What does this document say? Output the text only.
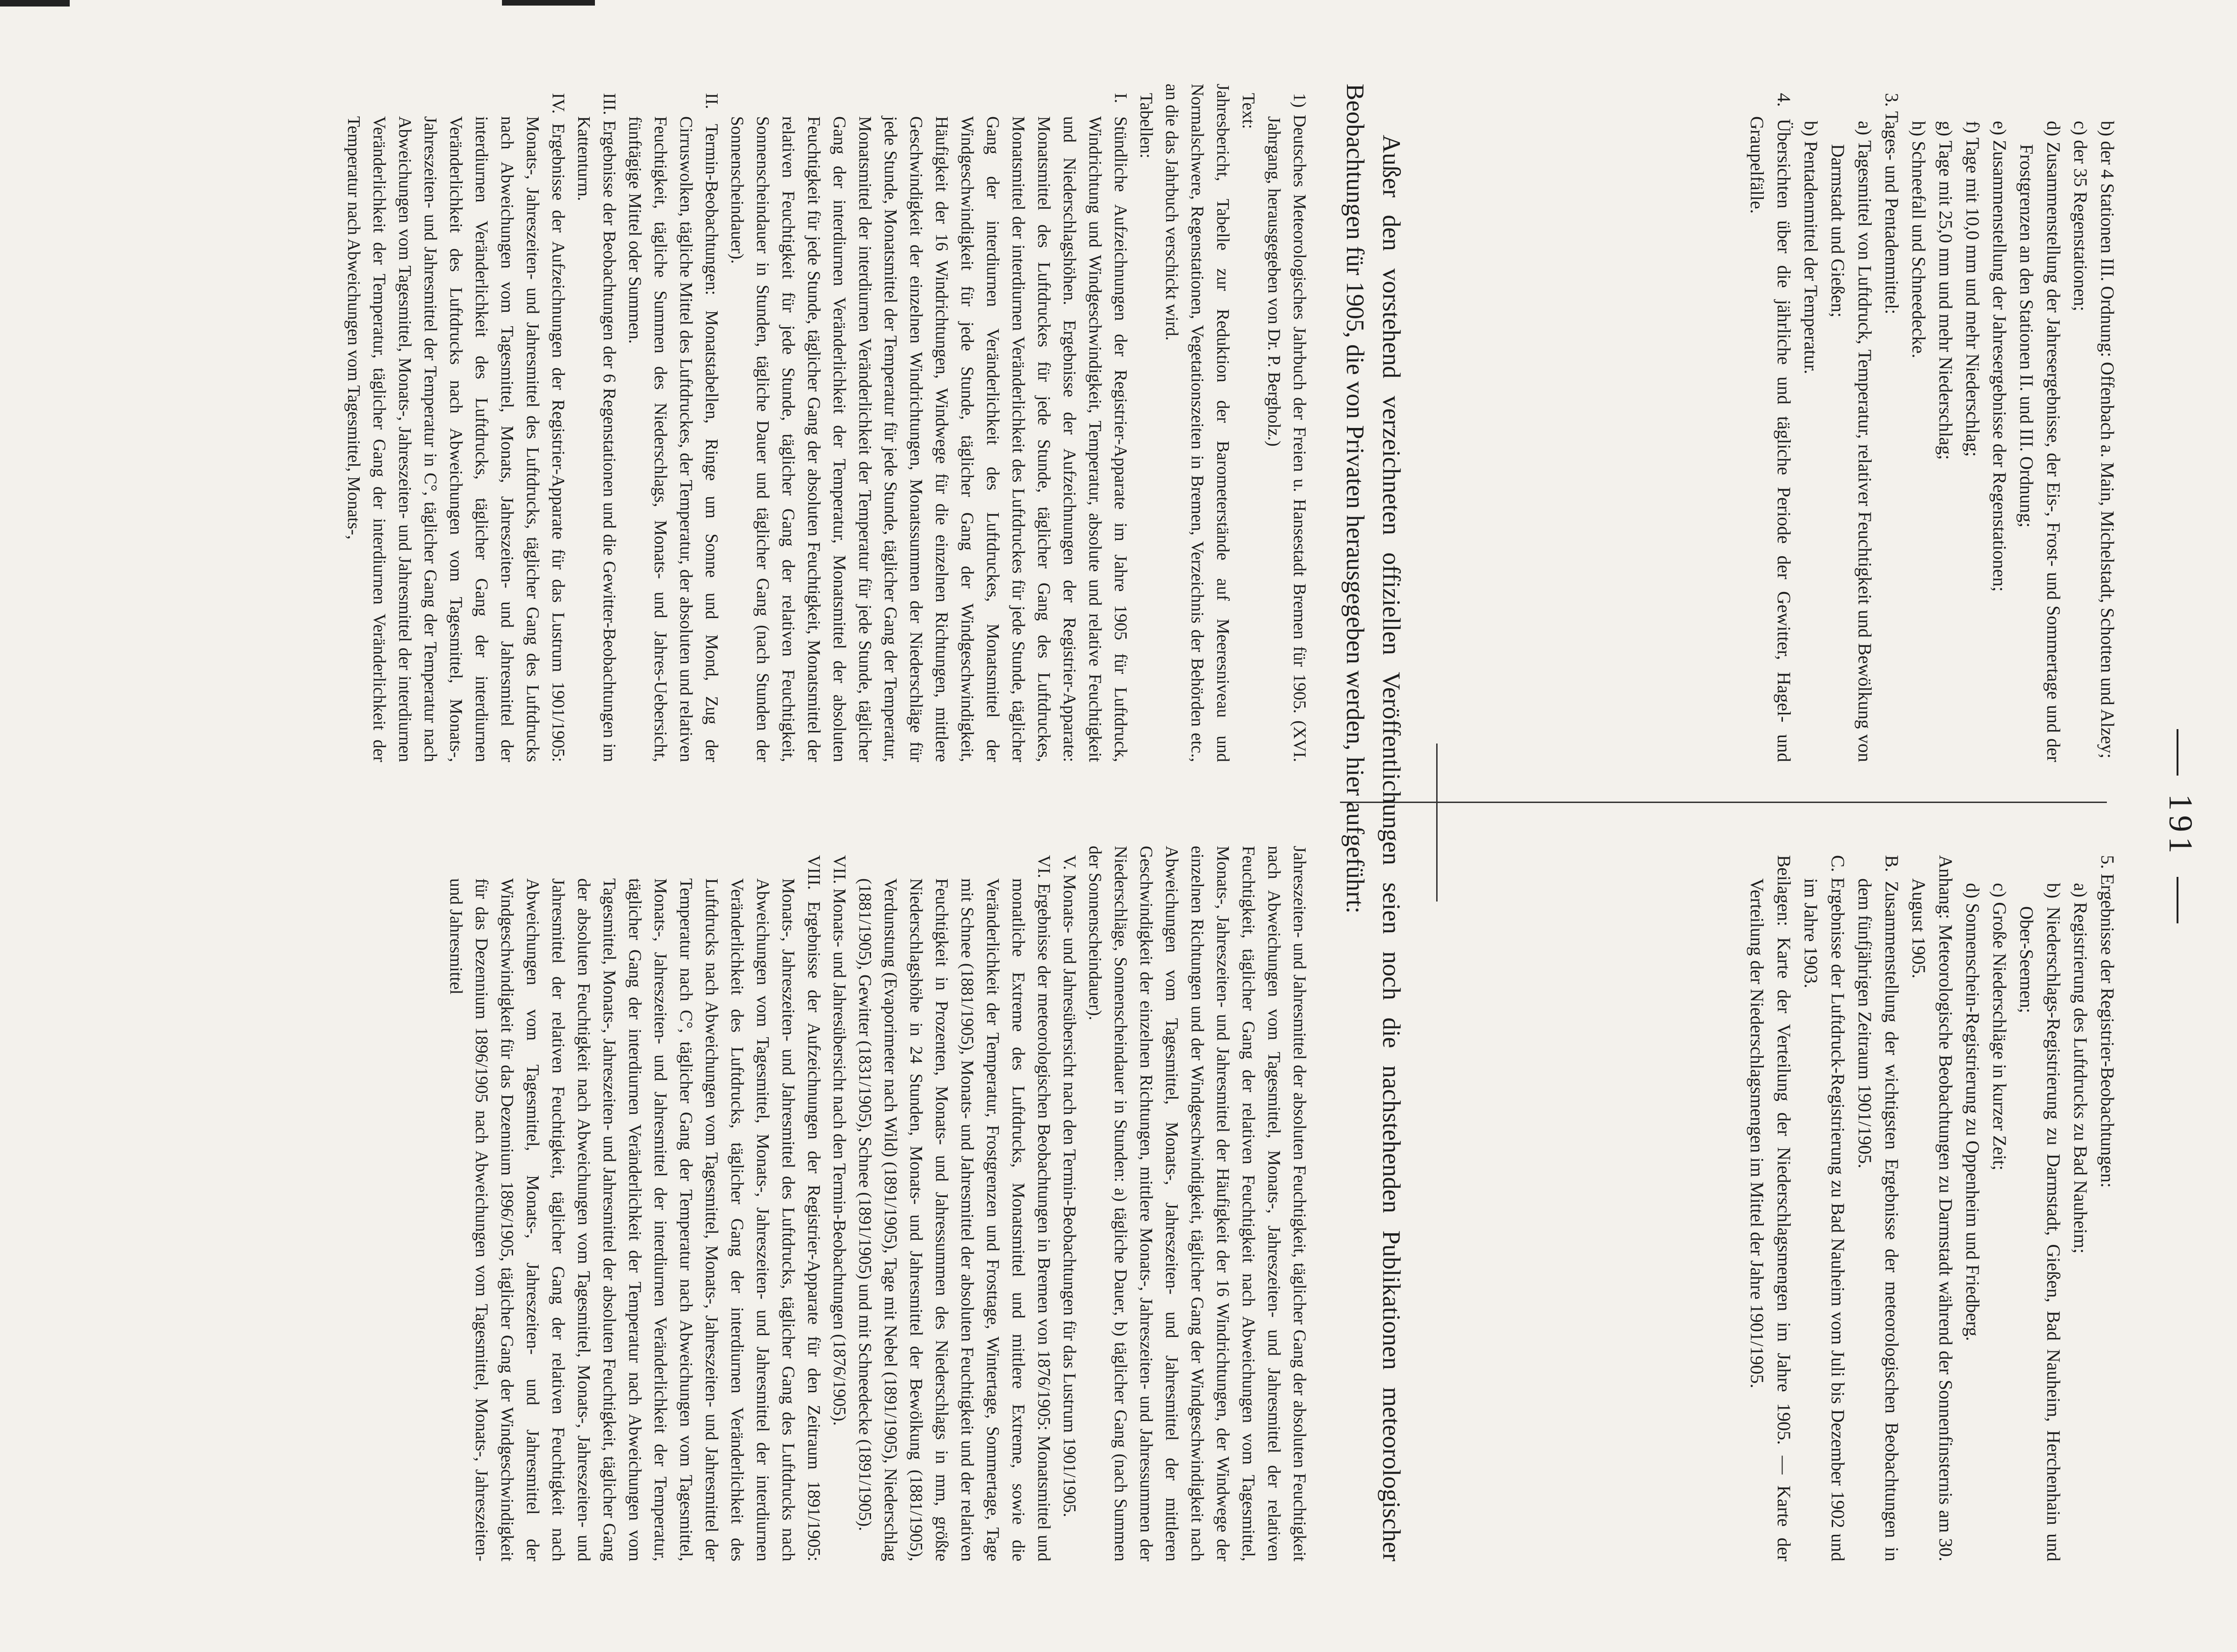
191

b) der 4 Stationen III. Ordnung: Offenbach a. Main, Michelstadt, Schotten und Alzey;

c) der 35 Regenstationen;

d) Zusammenstellung der Jahresergebnisse, der Eis-, Frost- und Sommertage und der Frostgrenzen an den Stationen II. und III. Ordnung;

e) Zusammenstellung der Jahresergebnisse der Regenstationen;

f) Tage mit 10,0 mm und mehr Niederschlag;

g) Tage mit 25,0 mm und mehr Niederschlag;

h) Schneefall und Schneedecke.

3. Tages- und Pentadenmittel:

a) Tagesmittel von Luftdruck, Temperatur, relativer Feuchtigkeit und Bewölkung von Darmstadt und Gießen;

b) Pentadenmittel der Temperatur.

4. Übersichten über die jährliche und tägliche Periode der Gewitter, Hagel- und Graupelfälle.

5. Ergebnisse der Registrier-Beobachtungen:

a) Registrierung des Luftdrucks zu Bad Nauheim;

b) Niederschlags-Registrierung zu Darmstadt, Gießen, Bad Nauheim, Herchenhain und Ober-Seemen;

c) Große Niederschläge in kurzer Zeit;

d) Sonnenschein-Registrierung zu Oppenheim und Friedberg.

Anhang: Meteorologische Beobachtungen zu Darmstadt während der Sonnenfinsternis am 30. August 1905.

B. Zusammenstellung der wichtigsten Ergebnisse der meteorologischen Beobachtungen in dem fünfjährigen Zeitraum 1901/1905.

C. Ergebnisse der Luftdruck-Registrierung zu Bad Nauheim vom Juli bis Dezember 1902 und im Jahre 1903.

Beilagen: Karte der Verteilung der Niederschlagsmengen im Jahre 1905. — Karte der Verteilung der Niederschlagsmengen im Mittel der Jahre 1901/1905.

Außer den vorstehend verzeichneten offiziellen Veröffentlichungen seien noch die nachstehenden Publikationen meteorologischer Beobachtungen für 1905, die von Privaten herausgegeben werden, hier aufgeführt:

1) Deutsches Meteorologisches Jahrbuch der Freien u. Hansestadt Bremen für 1905. (XVI. Jahrgang, herausgegeben von Dr. P. Bergholz.)

Text:

Jahresbericht, Tabelle zur Reduktion der Barometerstände auf Meeresniveau und Normalschwere, Regenstationen, Vegetationszeiten in Bremen, Verzeichnis der Behörden etc., an die das Jahrbuch verschickt wird.

Tabellen:

I. Stündliche Aufzeichnungen der Registrier-Apparate im Jahre 1905 für Luftdruck, Windrichtung und Windgeschwindigkeit, Temperatur, absolute und relative Feuchtigkeit und Niederschlagshöhen. Ergebnisse der Aufzeichnungen der Registrier-Apparate: Monatsmittel des Luftdruckes für jede Stunde, täglicher Gang des Luftdruckes, Monatsmittel der interdiurnen Veränderlichkeit des Luftdruckes für jede Stunde, täglicher Gang der interdiurnen Veränderlichkeit des Luftdruckes, Monatsmittel der Windgeschwindigkeit für jede Stunde, täglicher Gang der Windgeschwindigkeit, Häufigkeit der 16 Windrichtungen, Windwege für die einzelnen Richtungen, mittlere Geschwindigkeit der einzelnen Windrichtungen, Monatssummen der Niederschläge für jede Stunde, Monatsmittel der Temperatur für jede Stunde, täglicher Gang der Temperatur, Monatsmittel der interdiurnen Veränderlichkeit der Temperatur für jede Stunde, täglicher Gang der interdiurnen Veränderlichkeit der Temperatur, Monatsmittel der absoluten Feuchtigkeit für jede Stunde, täglicher Gang der absoluten Feuchtigkeit, Monatsmittel der relativen Feuchtigkeit für jede Stunde, täglicher Gang der relativen Feuchtigkeit, Sonnenscheindauer in Stunden, tägliche Dauer und täglicher Gang (nach Stunden der Sonnenscheindauer).

II. Termin-Beobachtungen: Monatstabellen, Ringe um Sonne und Mond, Zug der Cirruswolken, tägliche Mittel des Luftdruckes, der Temperatur, der absoluten und relativen Feuchtigkeit, tägliche Summen des Niederschlags, Monats- und Jahres-Uebersicht, fünftägige Mittel oder Summen.

III. Ergebnisse der Beobachtungen der 6 Regenstationen und die Gewitter-Beobachtungen im Kattenturm.

IV. Ergebnisse der Aufzeichnungen der Registrier-Apparate für das Lustrum 1901/1905: Monats-, Jahreszeiten- und Jahresmittel des Luftdrucks, täglicher Gang des Luftdrucks nach Abweichungen vom Tagesmittel, Monats, Jahreszeiten- und Jahresmittel der interdiurnen Veränderlichkeit des Luftdrucks, täglicher Gang der interdiurnen Veränderlichkeit des Luftdrucks nach Abweichungen vom Tagesmittel, Monats-, Jahreszeiten- und Jahresmittel der Temperatur in C°, täglicher Gang der Temperatur nach Abweichungen vom Tagesmittel, Monats-, Jahreszeiten- und Jahresmittel der interdiurnen Veränderlichkeit der Temperatur, täglicher Gang der interdiurnen Veränderlichkeit der Temperatur nach Abweichungen vom Tagesmittel, Monats-,

Jahreszeiten- und Jahresmittel der absoluten Feuchtigkeit, täglicher Gang der absoluten Feuchtigkeit nach Abweichungen vom Tagesmittel, Monats-, Jahreszeiten- und Jahresmittel der relativen Feuchtigkeit, täglicher Gang der relativen Feuchtigkeit nach Abweichungen vom Tagesmittel, Monats-, Jahreszeiten- und Jahresmittel der Häufigkeit der 16 Windrichtungen, der Windwege der einzelnen Richtungen und der Windgeschwindigkeit, täglicher Gang der Windgeschwindigkeit nach Abweichungen vom Tagesmittel, Monats-, Jahreszeiten- und Jahresmittel der mittleren Geschwindigkeit der einzelnen Richtungen, mittlere Monats-, Jahreszeiten- und Jahressummen der Niederschläge, Sonnenscheindauer in Stunden: a) tägliche Dauer, b) täglicher Gang (nach Summen der Sonnenscheindauer).

V. Monats- und Jahresübersicht nach den Termin-Beobachtungen für das Lustrum 1901/1905.

VI. Ergebnisse der meteorologischen Beobachtungen in Bremen von 1876/1905: Monatsmittel und monatliche Extreme des Luftdrucks, Monatsmittel und mittlere Extreme, sowie die Veränderlichkeit der Temperatur, Frostgrenzen und Frosttage, Wintertage, Sommertage, Tage mit Schnee (1881/1905), Monats- und Jahresmittel der absoluten Feuchtigkeit und der relativen Feuchtigkeit in Prozenten, Monats- und Jahressummen des Niederschlags in mm, größte Niederschlagshöhe in 24 Stunden, Monats- und Jahresmittel der Bewölkung (1881/1905), Verdunstung (Evaporimeter nach Wild) (1891/1905), Tage mit Nebel (1891/1905), Niederschlag (1881/1905), Gewitter (1831/1905), Schnee (1891/1905) und mit Schneedecke (1891/1905).

VII. Monats- und Jahresübersicht nach den Termin-Beobachtungen (1876/1905).

VIII. Ergebnisse der Aufzeichnungen der Registrier-Apparate für den Zeitraum 1891/1905: Monats-, Jahreszeiten- und Jahresmittel des Luftdrucks, täglicher Gang des Luftdrucks nach Abweichungen vom Tagesmittel, Monats-, Jahreszeiten- und Jahresmittel der interdiurnen Veränderlichkeit des Luftdrucks, täglicher Gang der interdiurnen Veränderlichkeit des Luftdrucks nach Abweichungen vom Tagesmittel, Monats-, Jahreszeiten- und Jahresmittel der Temperatur nach C°, täglicher Gang der Temperatur nach Abweichungen vom Tagesmittel, Monats-, Jahreszeiten- und Jahresmittel der interdiurnen Veränderlichkeit der Temperatur, täglicher Gang der interdiurnen Veränderlichkeit der Temperatur nach Abweichungen vom Tagesmittel, Monats-, Jahreszeiten- und Jahresmittel der absoluten Feuchtigkeit, täglicher Gang der absoluten Feuchtigkeit nach Abweichungen vom Tagesmittel, Monats-, Jahreszeiten- und Jahresmittel der relativen Feuchtigkeit, täglicher Gang der relativen Feuchtigkeit nach Abweichungen vom Tagesmittel, Monats-, Jahreszeiten- und Jahresmittel der Windgeschwindigkeit für das Dezennium 1896/1905, täglicher Gang der Windgeschwindigkeit für das Dezennium 1896/1905 nach Abweichungen vom Tagesmittel, Monats-, Jahreszeiten- und Jahresmittel
